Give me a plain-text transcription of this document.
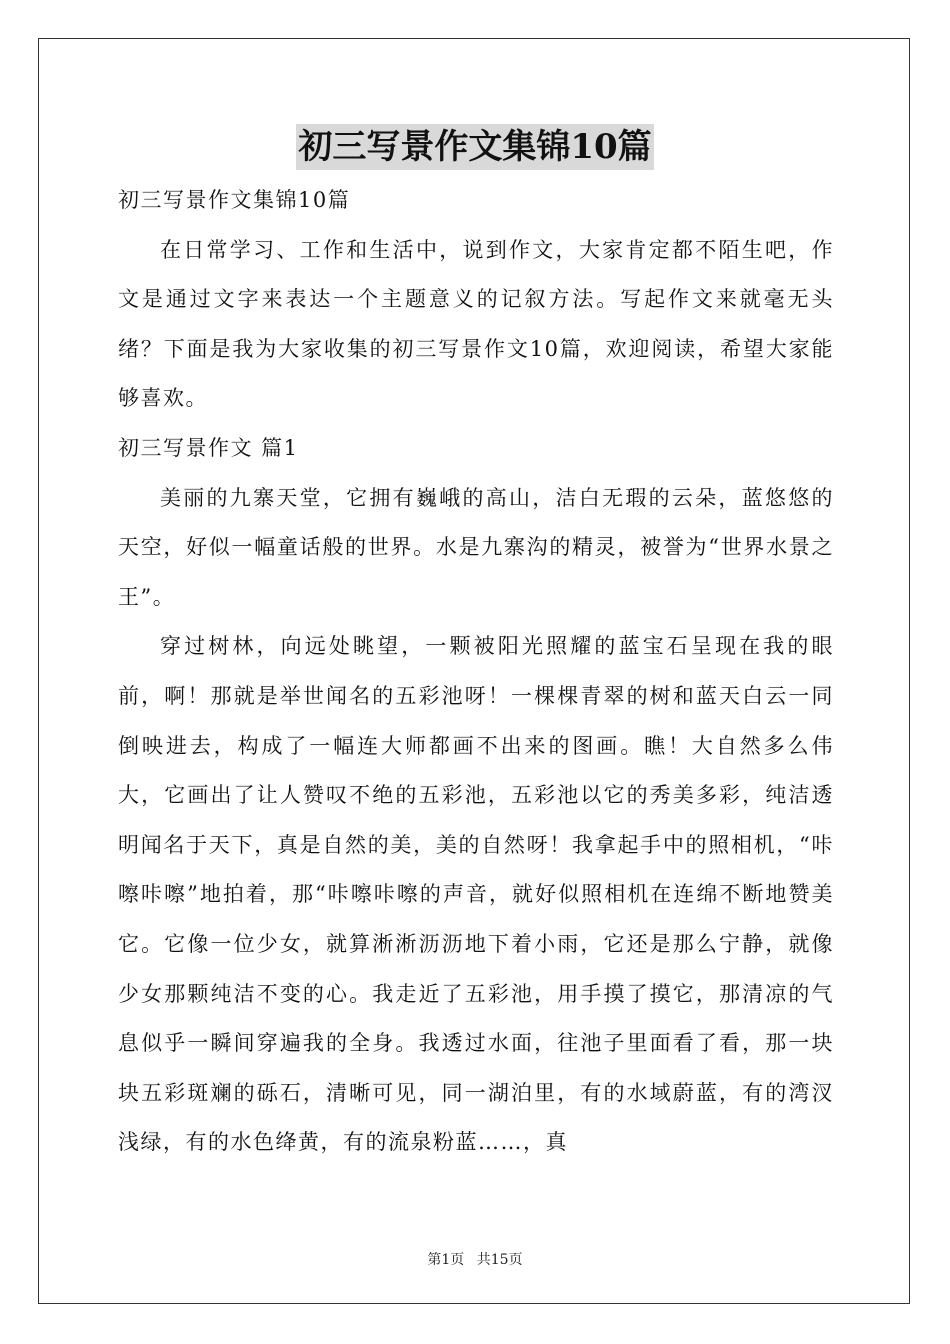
初三写景作文集锦10篇

初三写景作文集锦10篇

在日常学习、工作和生活中，说到作文，大家肯定都不陌生吧，作文是通过文字来表达一个主题意义的记叙方法。写起作文来就毫无头绪？下面是我为大家收集的初三写景作文10篇，欢迎阅读，希望大家能够喜欢。

初三写景作文 篇1

美丽的九寨天堂，它拥有巍峨的高山，洁白无瑕的云朵，蓝悠悠的天空，好似一幅童话般的世界。水是九寨沟的精灵，被誉为“世界水景之王”。

穿过树林，向远处眺望，一颗被阳光照耀的蓝宝石呈现在我的眼前，啊！那就是举世闻名的五彩池呀！一棵棵青翠的树和蓝天白云一同倒映进去，构成了一幅连大师都画不出来的图画。瞧！大自然多么伟大，它画出了让人赞叹不绝的五彩池，五彩池以它的秀美多彩，纯洁透明闻名于天下，真是自然的美，美的自然呀！我拿起手中的照相机，“咔嚓咔嚓”地拍着，那“咔嚓咔嚓的声音，就好似照相机在连绵不断地赞美它。它像一位少女，就算淅淅沥沥地下着小雨，它还是那么宁静，就像少女那颗纯洁不变的心。我走近了五彩池，用手摸了摸它，那清凉的气息似乎一瞬间穿遍我的全身。我透过水面，往池子里面看了看，那一块块五彩斑斓的砾石，清晰可见，同一湖泊里，有的水域蔚蓝，有的湾汊浅绿，有的水色绛黄，有的流泉粉蓝……，真

第1页 共15页
